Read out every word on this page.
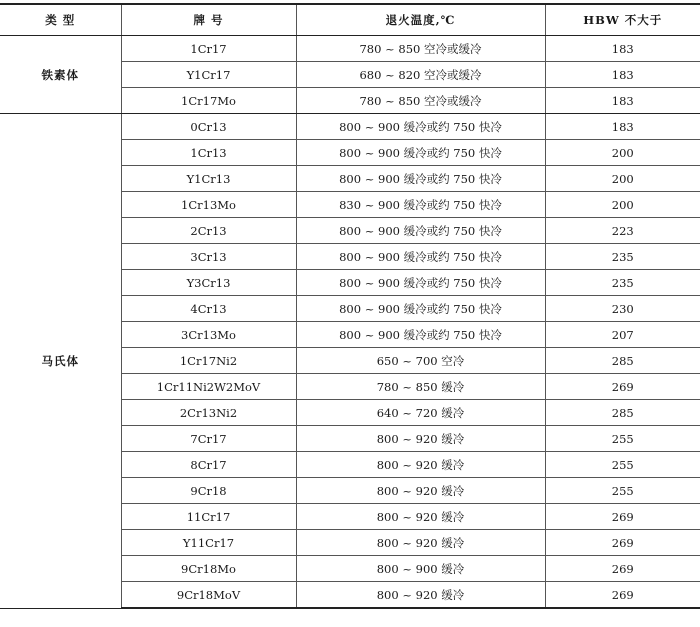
类 型	牌 号	退火温度,℃	HBW 不大于
铁素体	1Cr17	780 ~ 850 空冷或缓冷	183
	Y1Cr17	680 ~ 820 空冷或缓冷	183
	1Cr17Mo	780 ~ 850 空冷或缓冷	183
马氏体	0Cr13	800 ~ 900 缓冷或约 750 快冷	183
	1Cr13	800 ~ 900 缓冷或约 750 快冷	200
	Y1Cr13	800 ~ 900 缓冷或约 750 快冷	200
	1Cr13Mo	830 ~ 900 缓冷或约 750 快冷	200
	2Cr13	800 ~ 900 缓冷或约 750 快冷	223
	3Cr13	800 ~ 900 缓冷或约 750 快冷	235
	Y3Cr13	800 ~ 900 缓冷或约 750 快冷	235
	4Cr13	800 ~ 900 缓冷或约 750 快冷	230
	3Cr13Mo	800 ~ 900 缓冷或约 750 快冷	207
	1Cr17Ni2	650 ~ 700 空冷	285
	1Cr11Ni2W2MoV	780 ~ 850 缓冷	269
	2Cr13Ni2	640 ~ 720 缓冷	285
	7Cr17	800 ~ 920 缓冷	255
	8Cr17	800 ~ 920 缓冷	255
	9Cr18	800 ~ 920 缓冷	255
	11Cr17	800 ~ 920 缓冷	269
	Y11Cr17	800 ~ 920 缓冷	269
	9Cr18Mo	800 ~ 900 缓冷	269
	9Cr18MoV	800 ~ 920 缓冷	269
